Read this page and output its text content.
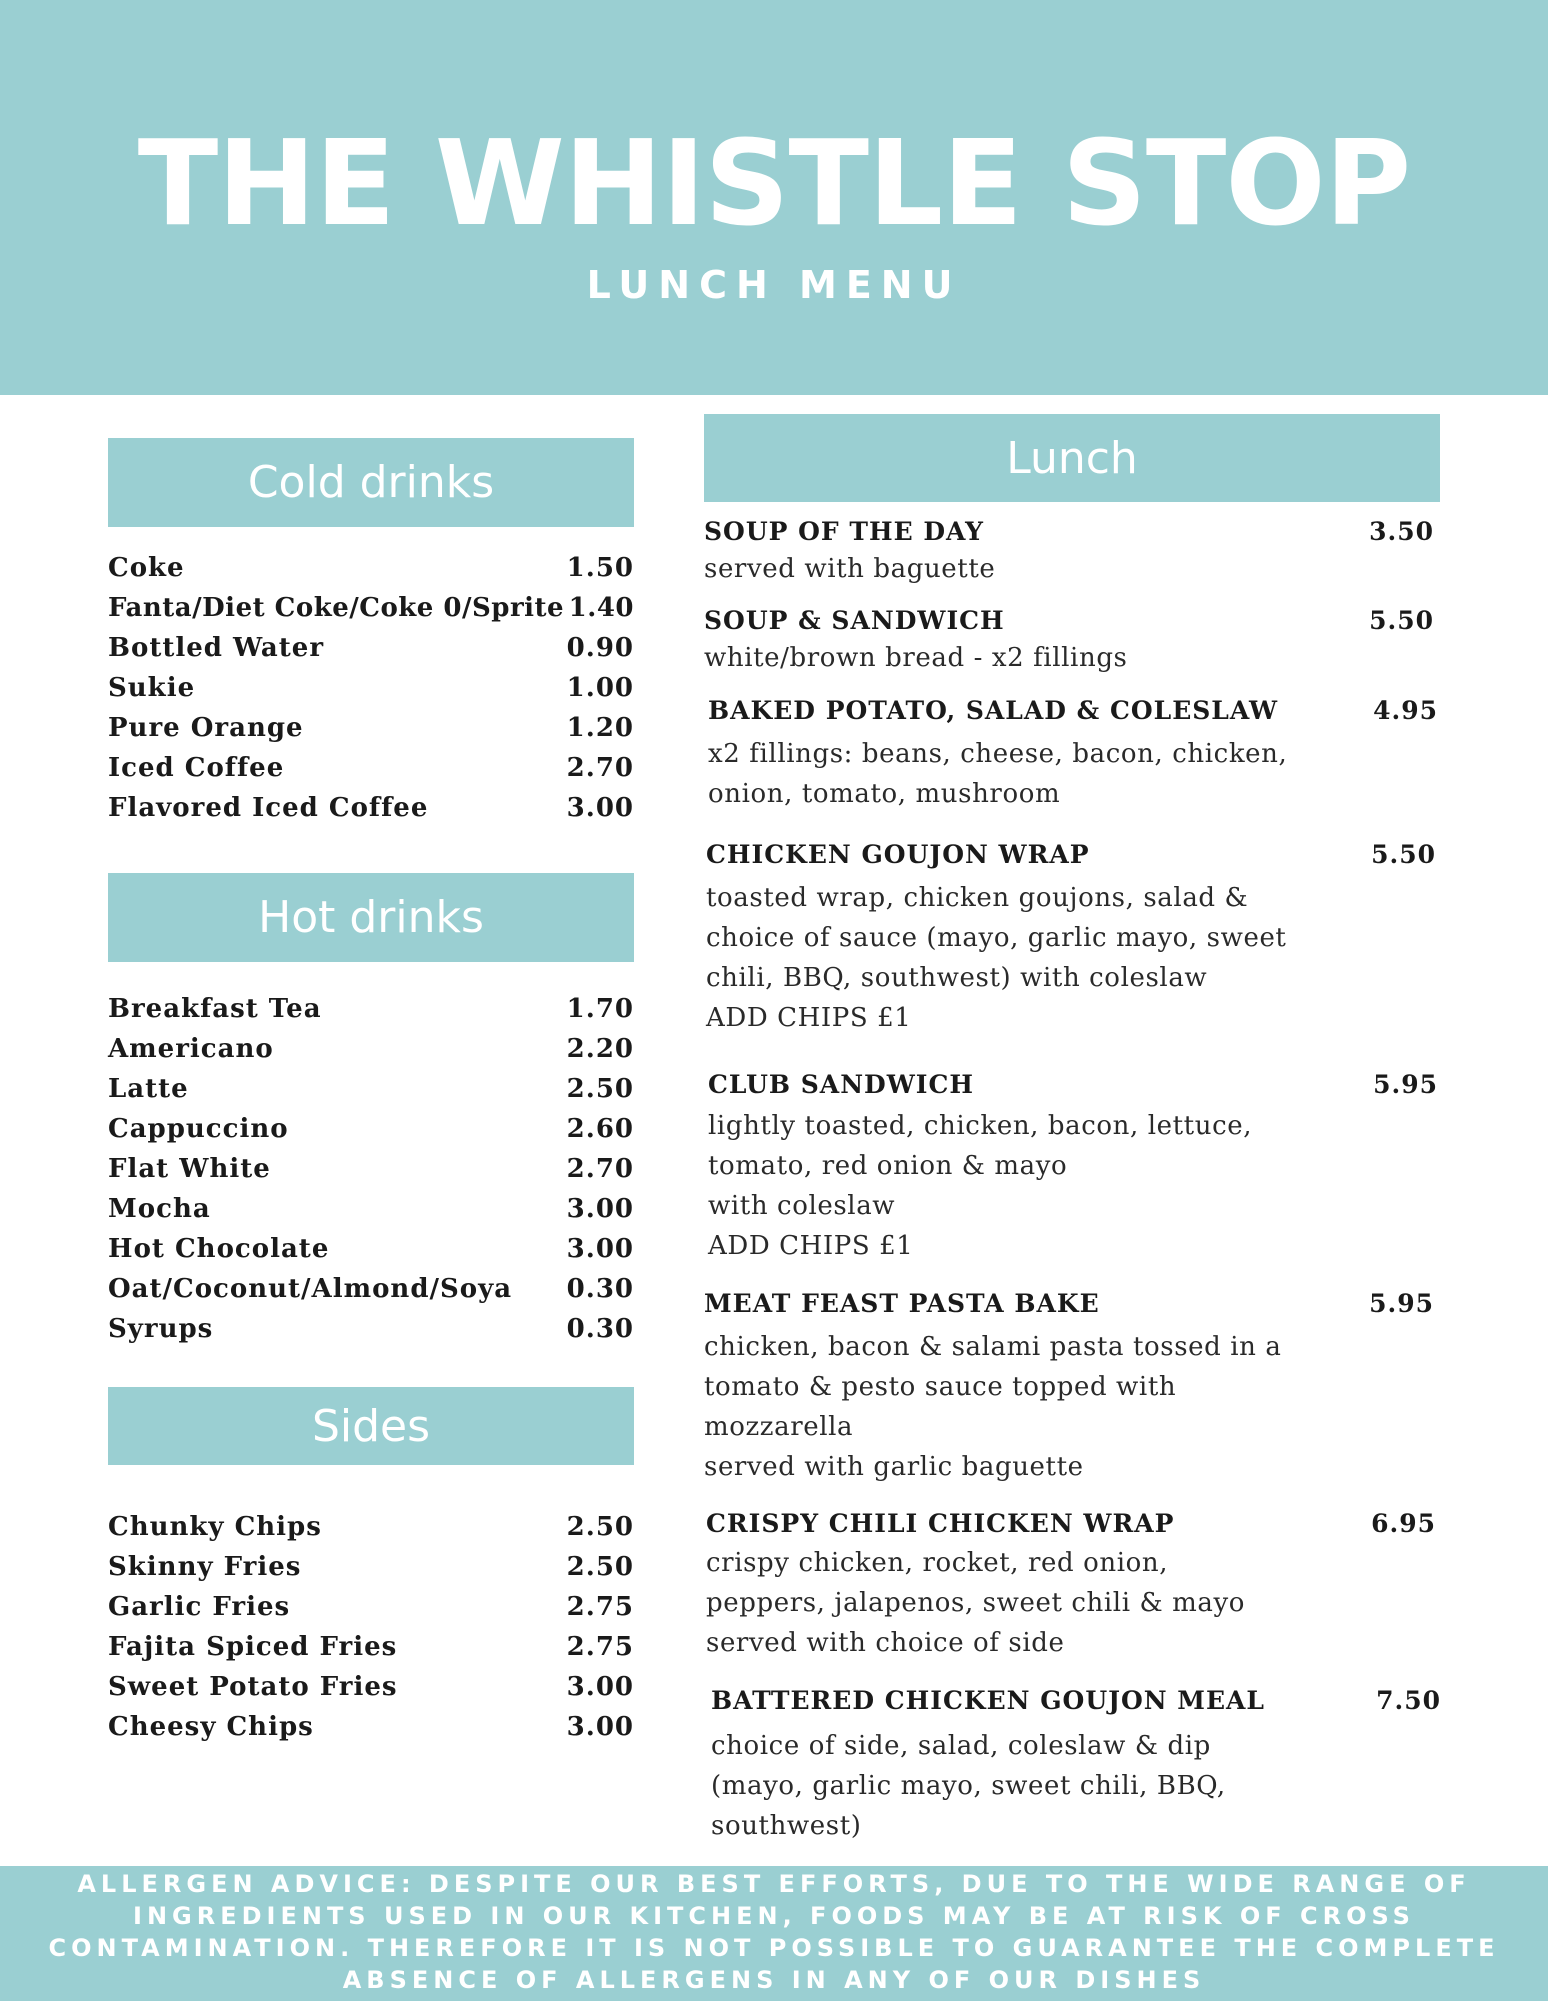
THE WHISTLE STOP
LUNCH MENU
Cold drinks
Coke	1.50
Fanta/Diet Coke/Coke 0/Sprite 1.40
Bottled Water	0.90
Sukie	1.00
Pure Orange	1.20
Iced Coffee	2.70
Flavored Iced Coffee	3.00
Hot drinks
Breakfast Tea	1.70
Americano	2.20
Latte	2.50
Cappuccino	2.60
Flat White	2.70
Mocha	3.00
Hot Chocolate	3.00
Oat/Coconut/Almond/Soya 0.30
Syrups	0.30
Sides
Chunky Chips	2.50
Skinny Fries	2.50
Garlic Fries	2.75
Fajita Spiced Fries	2.75
Sweet Potato Fries	3.00
Cheesy Chips	3.00
Lunch
SOUP OF THE DAY	3.50
served with baguette
SOUP & SANDWICH	5.50
white/brown bread - x2 fillings
BAKED POTATO, SALAD & COLESLAW	4.95
x2 fillings: beans, cheese, bacon, chicken,
onion, tomato, mushroom
CHICKEN GOUJON WRAP	5.50
toasted wrap, chicken goujons, salad &
choice of sauce (mayo, garlic mayo, sweet
chili, BBQ, southwest) with coleslaw
ADD CHIPS £1
CLUB SANDWICH	5.95
lightly toasted, chicken, bacon, lettuce,
tomato, red onion & mayo
with coleslaw
ADD CHIPS £1
MEAT FEAST PASTA BAKE	5.95
chicken, bacon & salami pasta tossed in a
tomato & pesto sauce topped with
mozzarella
served with garlic baguette
CRISPY CHILI CHICKEN WRAP	6.95
crispy chicken, rocket, red onion,
peppers, jalapenos, sweet chili & mayo
served with choice of side
BATTERED CHICKEN GOUJON MEAL	7.50
choice of side, salad, coleslaw & dip
(mayo, garlic mayo, sweet chili, BBQ,
southwest)
ALLERGEN ADVICE: DESPITE OUR BEST EFFORTS, DUE TO THE WIDE RANGE OF
INGREDIENTS USED IN OUR KITCHEN, FOODS MAY BE AT RISK OF CROSS
CONTAMINATION. THEREFORE IT IS NOT POSSIBLE TO GUARANTEE THE COMPLETE
ABSENCE OF ALLERGENS IN ANY OF OUR DISHES
